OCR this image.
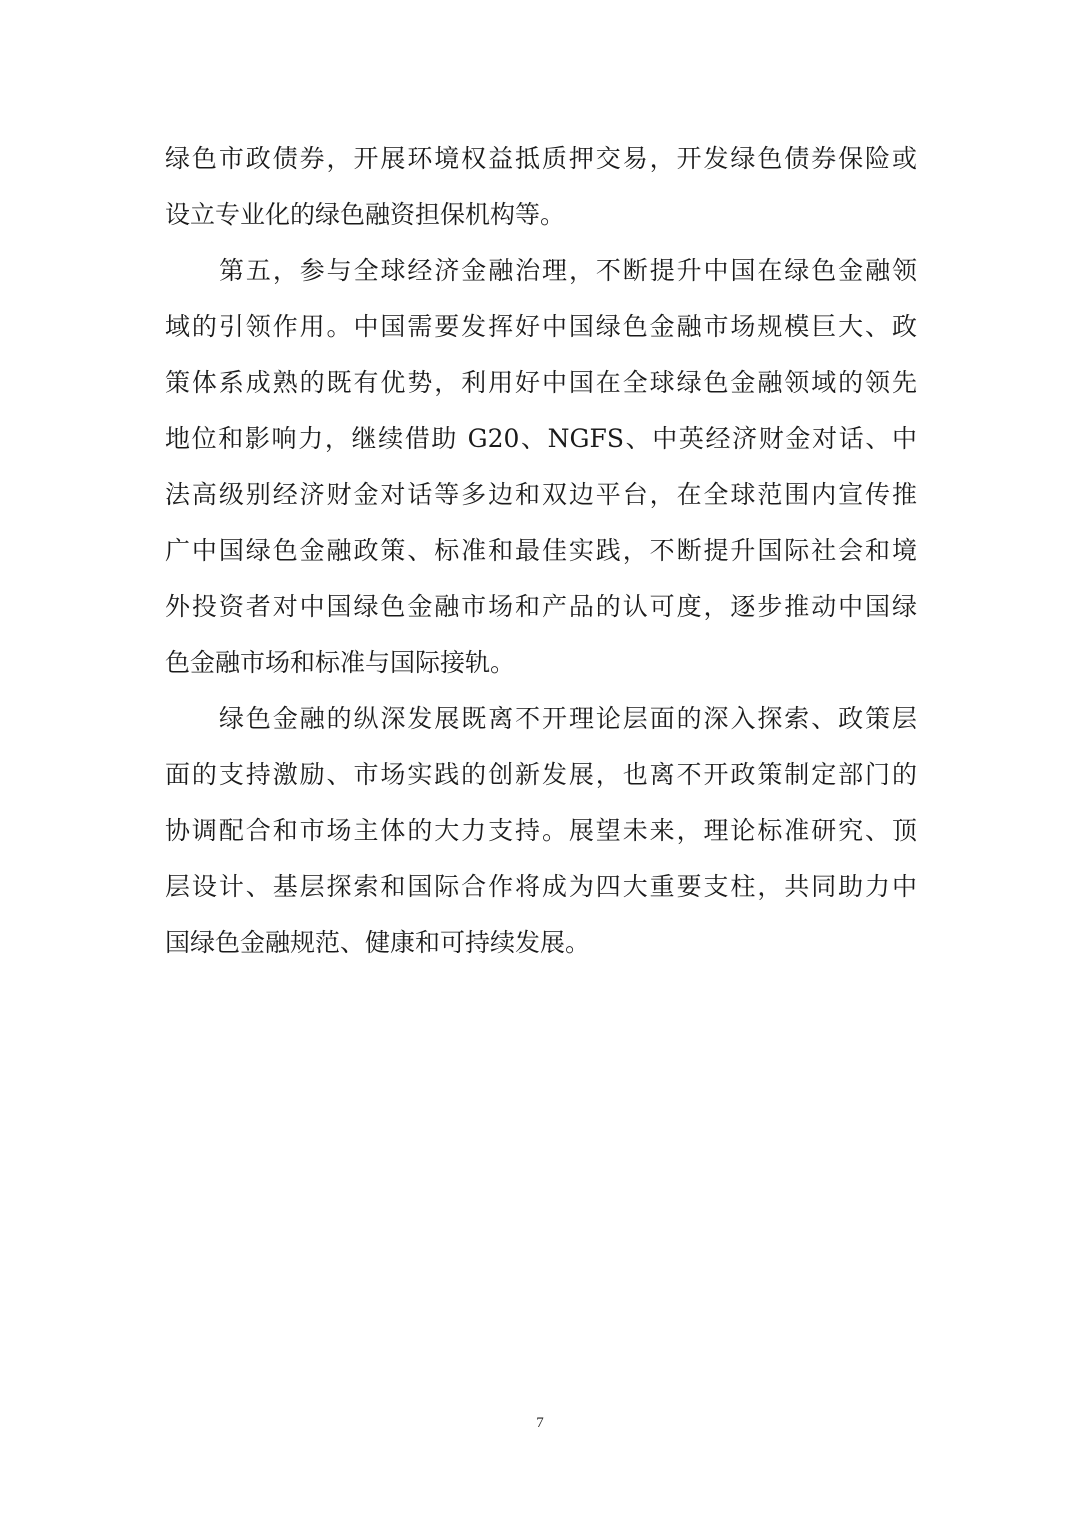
绿色市政债券，开展环境权益抵质押交易，开发绿色债券保险或
设立专业化的绿色融资担保机构等。
第五，参与全球经济金融治理，不断提升中国在绿色金融领
域的引领作用。中国需要发挥好中国绿色金融市场规模巨大、政
策体系成熟的既有优势，利用好中国在全球绿色金融领域的领先
地位和影响力，继续借助 G20、NGFS、中英经济财金对话、中
法高级别经济财金对话等多边和双边平台，在全球范围内宣传推
广中国绿色金融政策、标准和最佳实践，不断提升国际社会和境
外投资者对中国绿色金融市场和产品的认可度，逐步推动中国绿
色金融市场和标准与国际接轨。
绿色金融的纵深发展既离不开理论层面的深入探索、政策层
面的支持激励、市场实践的创新发展，也离不开政策制定部门的
协调配合和市场主体的大力支持。展望未来，理论标准研究、顶
层设计、基层探索和国际合作将成为四大重要支柱，共同助力中
国绿色金融规范、健康和可持续发展。
7
